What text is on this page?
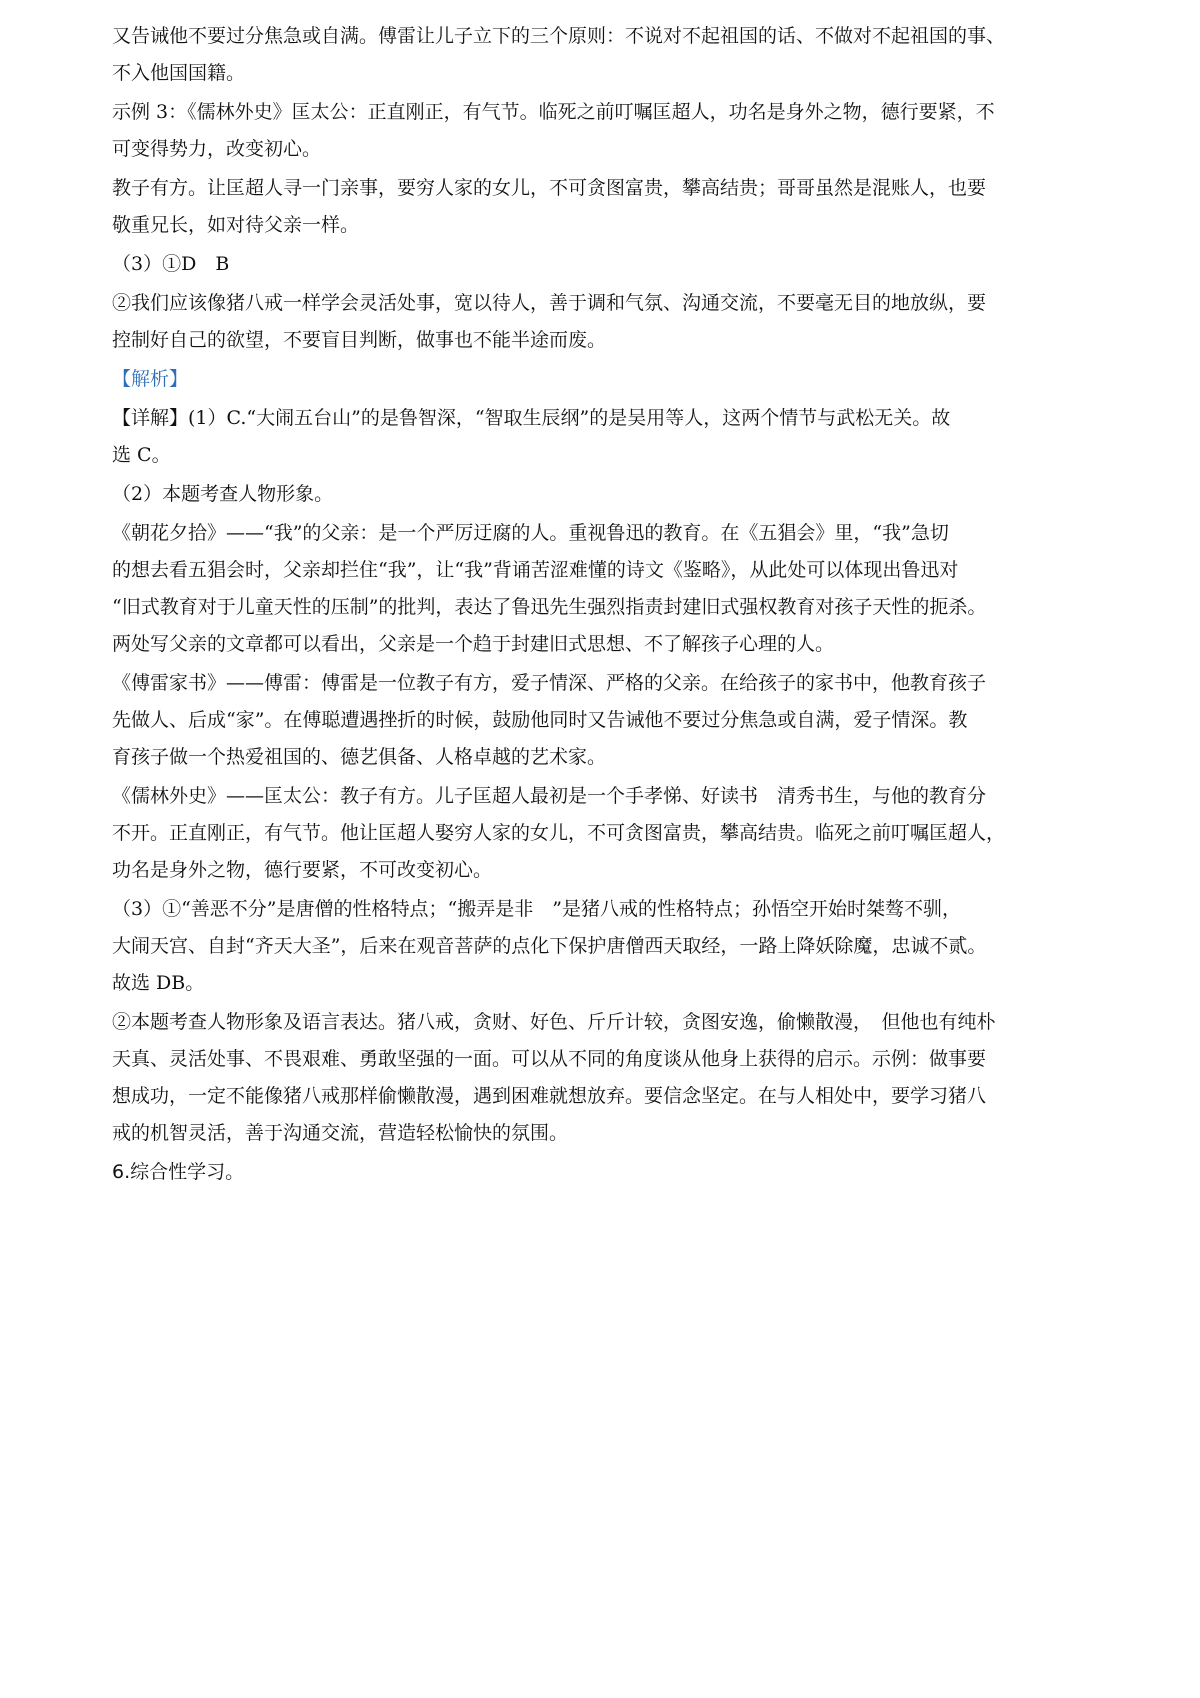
又告诫他不要过分焦急或自满。傅雷让儿子立下的三个原则：不说对不起祖国的话、不做对不起祖国的事、
不入他国国籍。
示例 3：《儒林外史》匡太公：正直刚正，有气节。临死之前叮嘱匡超人，功名是身外之物，德行要紧，不
可变得势力，改变初心。
教子有方。让匡超人寻一门亲事，要穷人家的女儿，不可贪图富贵，攀高结贵；哥哥虽然是混账人，也要
敬重兄长，如对待父亲一样。
（3）①D　B
②我们应该像猪八戒一样学会灵活处事，宽以待人，善于调和气氛、沟通交流，不要毫无目的地放纵，要
控制好自己的欲望，不要盲目判断，做事也不能半途而废。
【解析】
【详解】(1）C.“大闹五台山”的是鲁智深，“智取生辰纲”的是吴用等人，这两个情节与武松无关。故
选 C。
（2）本题考查人物形象。
《朝花夕拾》——“我”的父亲：是一个严厉迂腐的人。重视鲁迅的教育。在《五猖会》里，“我”急切
的想去看五猖会时，父亲却拦住“我”，让“我”背诵苦涩难懂的诗文《鉴略》，从此处可以体现出鲁迅对
“旧式教育对于儿童天性的压制”的批判，表达了鲁迅先生强烈指责封建旧式强权教育对孩子天性的扼杀。
两处写父亲的文章都可以看出，父亲是一个趋于封建旧式思想、不了解孩子心理的人。
《傅雷家书》——傅雷：傅雷是一位教子有方，爱子情深、严格的父亲。在给孩子的家书中，他教育孩子
先做人、后成“家”。在傅聪遭遇挫折的时候，鼓励他同时又告诫他不要过分焦急或自满，爱子情深。教
育孩子做一个热爱祖国的、德艺俱备、人格卓越的艺术家。
《儒林外史》——匡太公：教子有方。儿子匡超人最初是一个手孝悌、好读书　清秀书生，与他的教育分
不开。正直刚正，有气节。他让匡超人娶穷人家的女儿，不可贪图富贵，攀高结贵。临死之前叮嘱匡超人，
功名是身外之物，德行要紧，不可改变初心。
（3）①“善恶不分”是唐僧的性格特点；“搬弄是非　”是猪八戒的性格特点；孙悟空开始时桀骜不驯，
大闹天宫、自封“齐天大圣”，后来在观音菩萨的点化下保护唐僧西天取经，一路上降妖除魔，忠诚不贰。
故选 DB。
②本题考查人物形象及语言表达。猪八戒，贪财、好色、斤斤计较，贪图安逸，偷懒散漫，　但他也有纯朴
天真、灵活处事、不畏艰难、勇敢坚强的一面。可以从不同的角度谈从他身上获得的启示。示例：做事要
想成功，一定不能像猪八戒那样偷懒散漫，遇到困难就想放弃。要信念坚定。在与人相处中，要学习猪八
戒的机智灵活，善于沟通交流，营造轻松愉快的氛围。
6.综合性学习。
